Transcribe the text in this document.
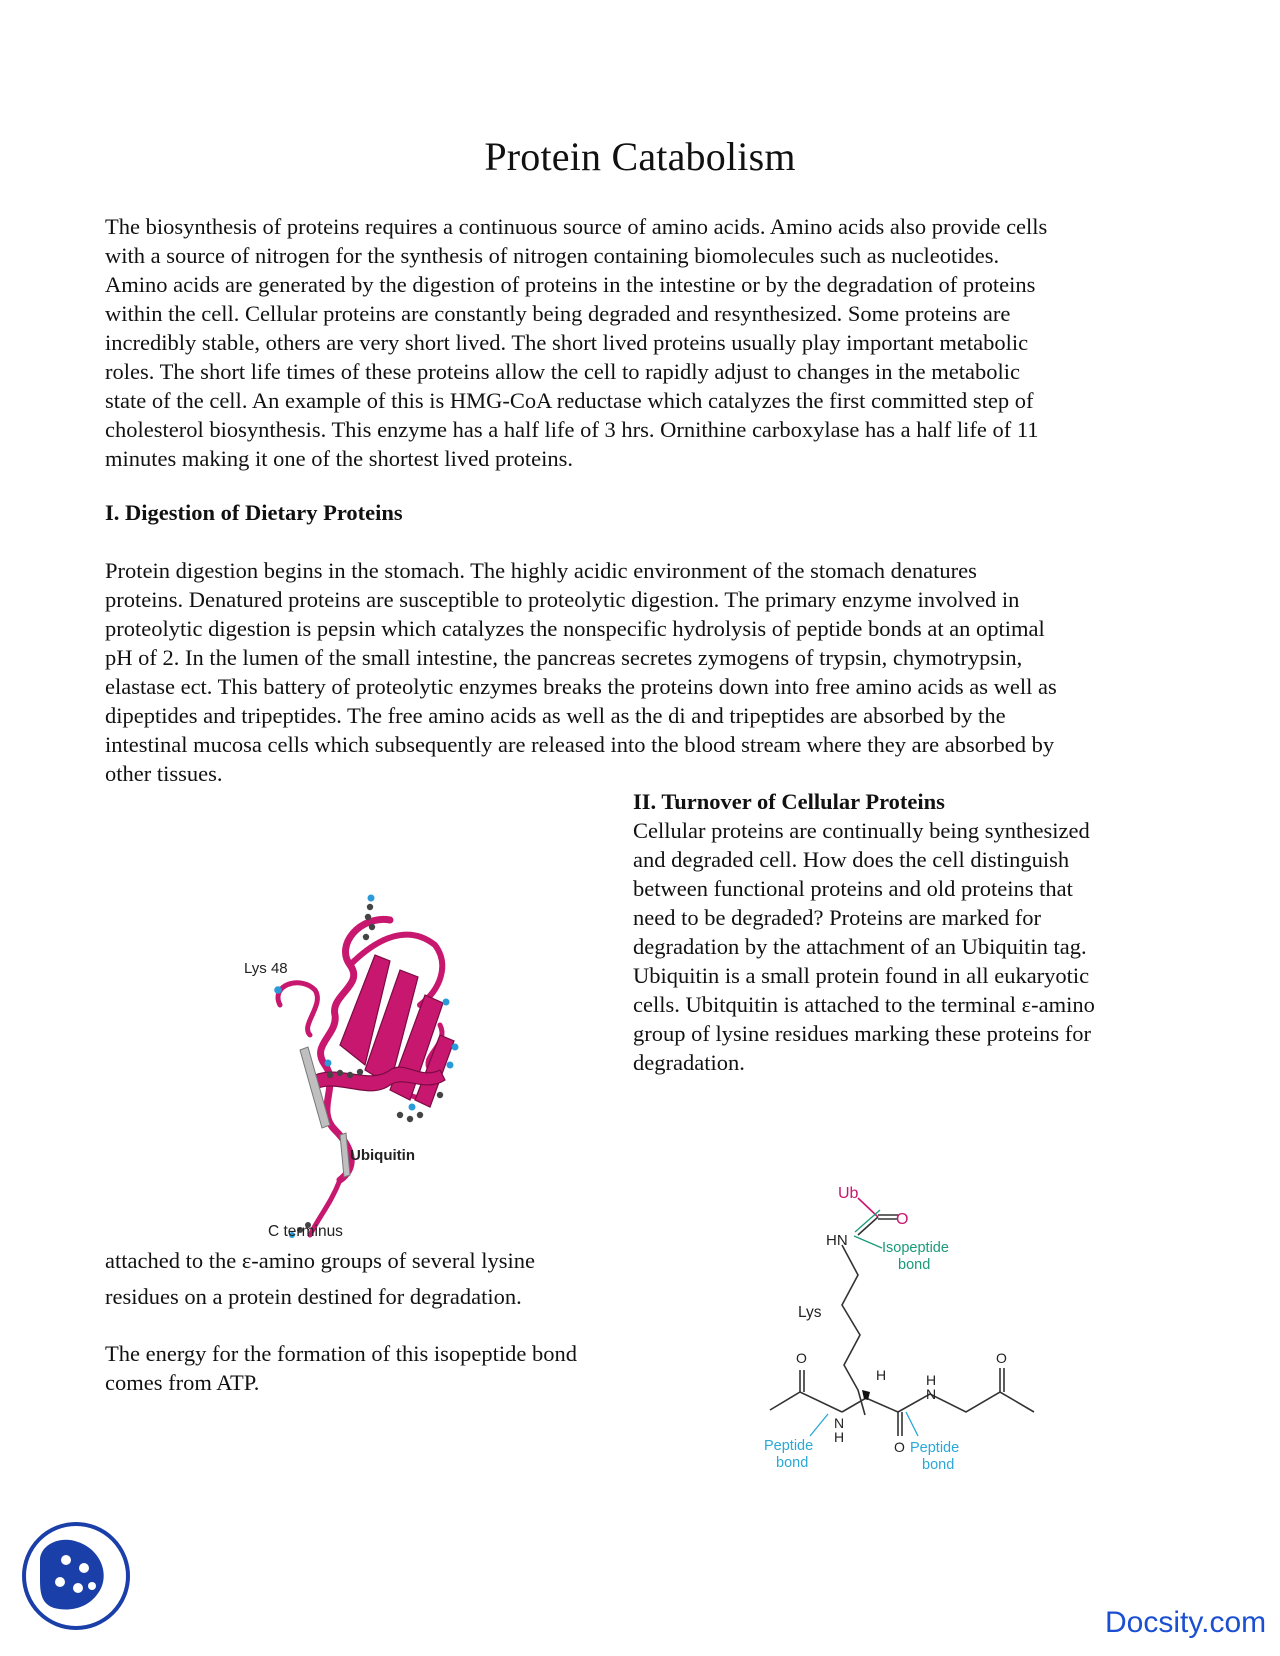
Protein Catabolism
The biosynthesis of proteins requires a continuous source of amino acids. Amino acids also provide cells
with a source of nitrogen for the synthesis of nitrogen containing biomolecules such as nucleotides.
Amino acids are generated by the digestion of proteins in the intestine or by the degradation of proteins
within the cell. Cellular proteins are constantly being degraded and resynthesized. Some proteins are
incredibly stable, others are very short lived. The short lived proteins usually play important metabolic
roles. The short life times of these proteins allow the cell to rapidly adjust to changes in the metabolic
state of the cell. An example of this is HMG-CoA reductase which catalyzes the first committed step of
cholesterol biosynthesis. This enzyme has a half life of 3 hrs. Ornithine carboxylase has a half life of 11
minutes making it one of the shortest lived proteins.
I. Digestion of Dietary Proteins
Protein digestion begins in the stomach. The highly acidic environment of the stomach denatures
proteins. Denatured proteins are susceptible to proteolytic digestion. The primary enzyme involved in
proteolytic digestion is pepsin which catalyzes the nonspecific hydrolysis of peptide bonds at an optimal
pH of 2. In the lumen of the small intestine, the pancreas secretes zymogens of trypsin, chymotrypsin,
elastase ect. This battery of proteolytic enzymes breaks the proteins down into free amino acids as well as
dipeptides and tripeptides. The free amino acids as well as the di and tripeptides are absorbed by the
intestinal mucosa cells which subsequently are released into the blood stream where they are absorbed by
other tissues.
II. Turnover of Cellular Proteins
Cellular proteins are continually being synthesized
and degraded cell. How does the cell distinguish
between functional proteins and old proteins that
need to be degraded? Proteins are marked for
degradation by the attachment of an Ubiquitin tag.
Ubiquitin is a small protein found in all eukaryotic
cells. Ubitquitin is attached to the terminal ε-amino
group of lysine residues marking these proteins for
degradation.
Lys 48
Ubiquitin
C terminus
attached to the ε-amino groups of several lysine
residues on a protein destined for degradation.
The energy for the formation of this isopeptide bond
comes from ATP.
Ub
O
HN Isopeptide
bond
Lys
O	O
O
H
N
H
H
N
Peptide
bond
Peptide
bond
Docsity.com
